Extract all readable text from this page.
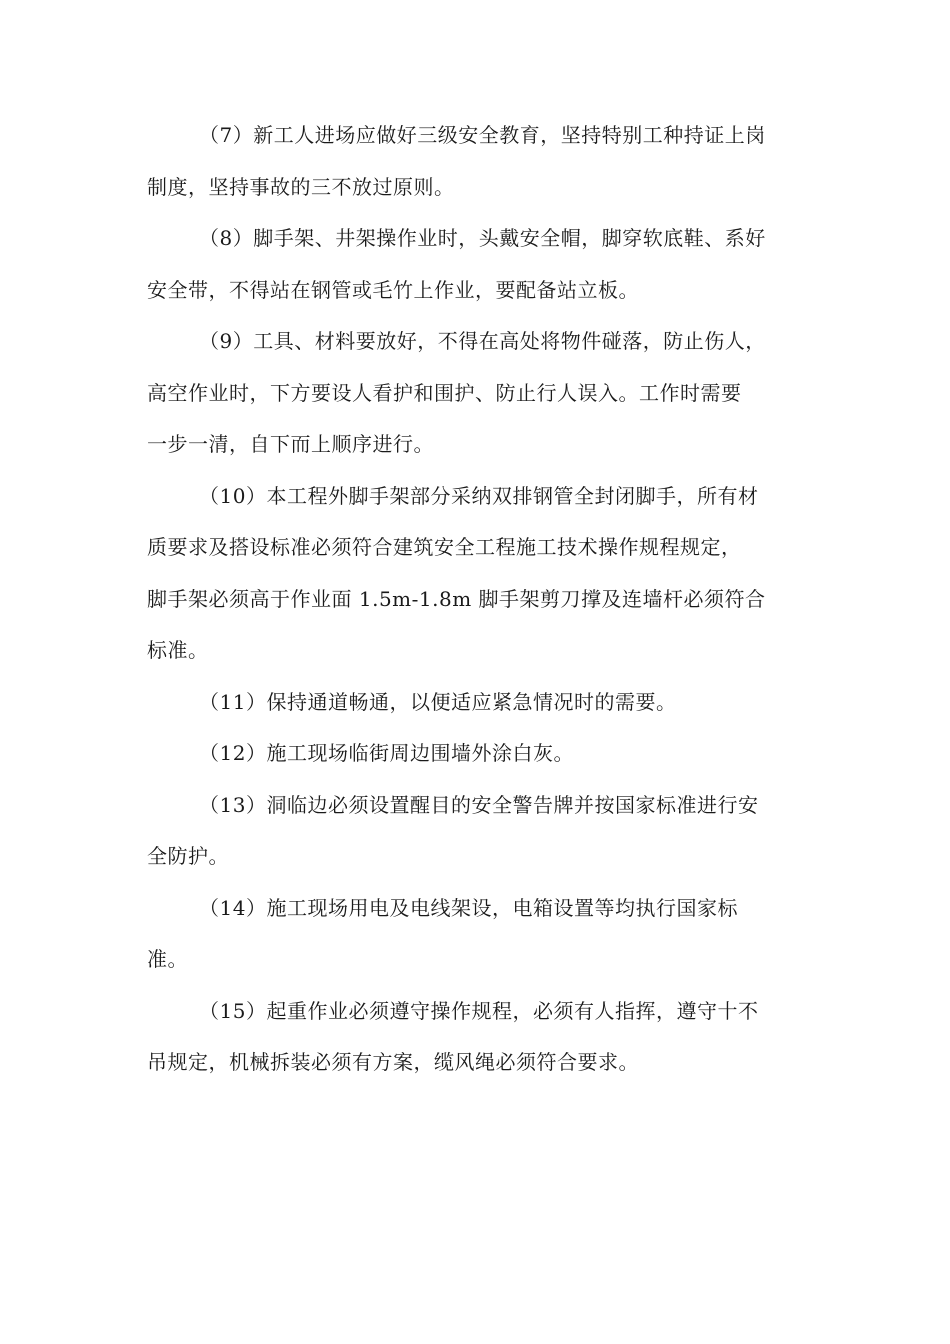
（7）新工人进场应做好三级安全教育，坚持特别工种持证上岗
制度，坚持事故的三不放过原则。

（8）脚手架、井架操作业时，头戴安全帽，脚穿软底鞋、系好
安全带，不得站在钢管或毛竹上作业，要配备站立板。

（9）工具、材料要放好，不得在高处将物件碰落，防止伤人，
高空作业时，下方要设人看护和围护、防止行人误入。工作时需要
一步一清，自下而上顺序进行。

（10）本工程外脚手架部分采纳双排钢管全封闭脚手，所有材
质要求及搭设标准必须符合建筑安全工程施工技术操作规程规定，
脚手架必须高于作业面 1.5m-1.8m 脚手架剪刀撑及连墙杆必须符合
标准。

（11）保持通道畅通，以便适应紧急情况时的需要。

（12）施工现场临街周边围墙外涂白灰。

（13）洞临边必须设置醒目的安全警告牌并按国家标准进行安
全防护。

（14）施工现场用电及电线架设，电箱设置等均执行国家标
准。

（15）起重作业必须遵守操作规程，必须有人指挥，遵守十不
吊规定，机械拆装必须有方案，缆风绳必须符合要求。
